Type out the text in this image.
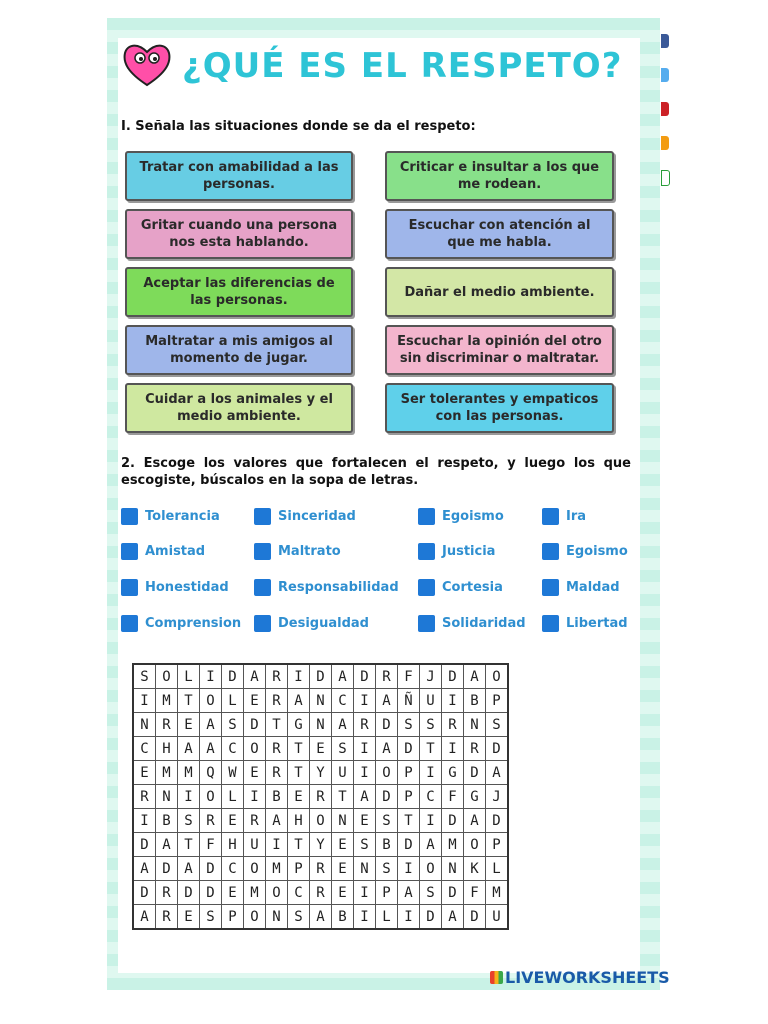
¿QUÉ ES EL RESPETO?
I. Señala las situaciones donde se da el respeto:
Tratar con amabilidad a las personas.
Criticar e insultar a los que me rodean.
Gritar cuando una persona nos esta hablando.
Escuchar con atención al que me habla.
Aceptar las diferencias de las personas.
Dañar el medio ambiente.
Maltratar a mis amigos al momento de jugar.
Escuchar la opinión del otro sin discriminar o maltratar.
Cuidar a los animales y el medio ambiente.
Ser tolerantes y empaticos con las personas.
2. Escoge los valores que fortalecen el respeto, y luego los que escogiste, búscalos en la sopa de letras.
Tolerancia	Sinceridad	Egoismo	Ira
Amistad	Maltrato	Justicia	Egoismo
Honestidad	Responsabilidad	Cortesia	Maldad
Comprension	Desigualdad	Solidaridad	Libertad
S	O	L	I	D	A	R	I	D	A	D	R	F	J	D	A	O
I	M	T	O	L	E	R	A	N	C	I	A	Ñ	U	I	B	P
N	R	E	A	S	D	T	G	N	A	R	D	S	S	R	N	S
C	H	A	A	C	O	R	T	E	S	I	A	D	T	I	R	D
E	M	M	Q	W	E	R	T	Y	U	I	O	P	I	G	D	A
R	N	I	O	L	I	B	E	R	T	A	D	P	C	F	G	J
I	B	S	R	E	R	A	H	O	N	E	S	T	I	D	A	D
D	A	T	F	H	U	I	T	Y	E	S	B	D	A	M	O	P
A	D	A	D	C	O	M	P	R	E	N	S	I	O	N	K	L
D	R	D	D	E	M	O	C	R	E	I	P	A	S	D	F	M
A	R	E	S	P	O	N	S	A	B	I	L	I	D	A	D	U
LIVEWORKSHEETS
